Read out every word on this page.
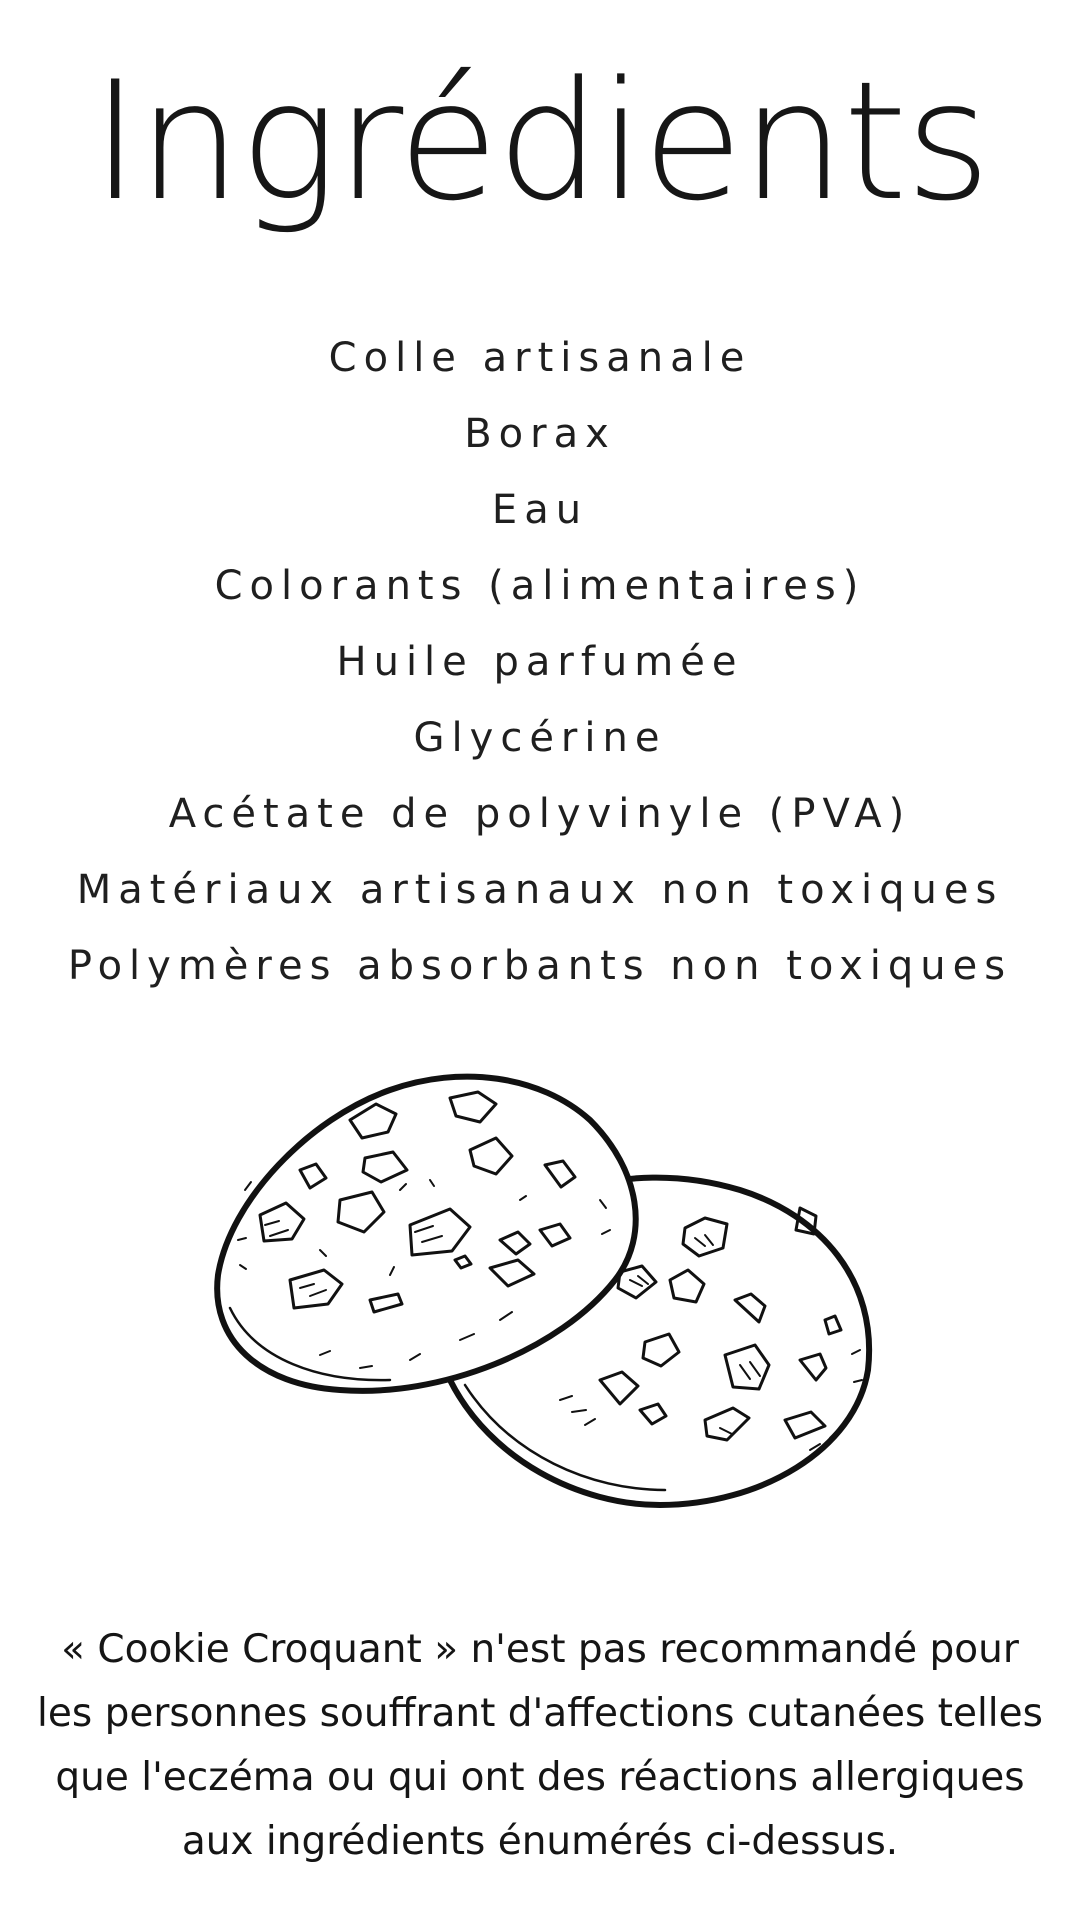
Ingrédients
Colle artisanale
Borax
Eau
Colorants (alimentaires)
Huile parfumée
Glycérine
Acétate de polyvinyle (PVA)
Matériaux artisanaux non toxiques
Polymères absorbants non toxiques

« Cookie Croquant » n'est pas recommandé pour les personnes souffrant d'affections cutanées telles que l'eczéma ou qui ont des réactions allergiques aux ingrédients énumérés ci-dessus.
